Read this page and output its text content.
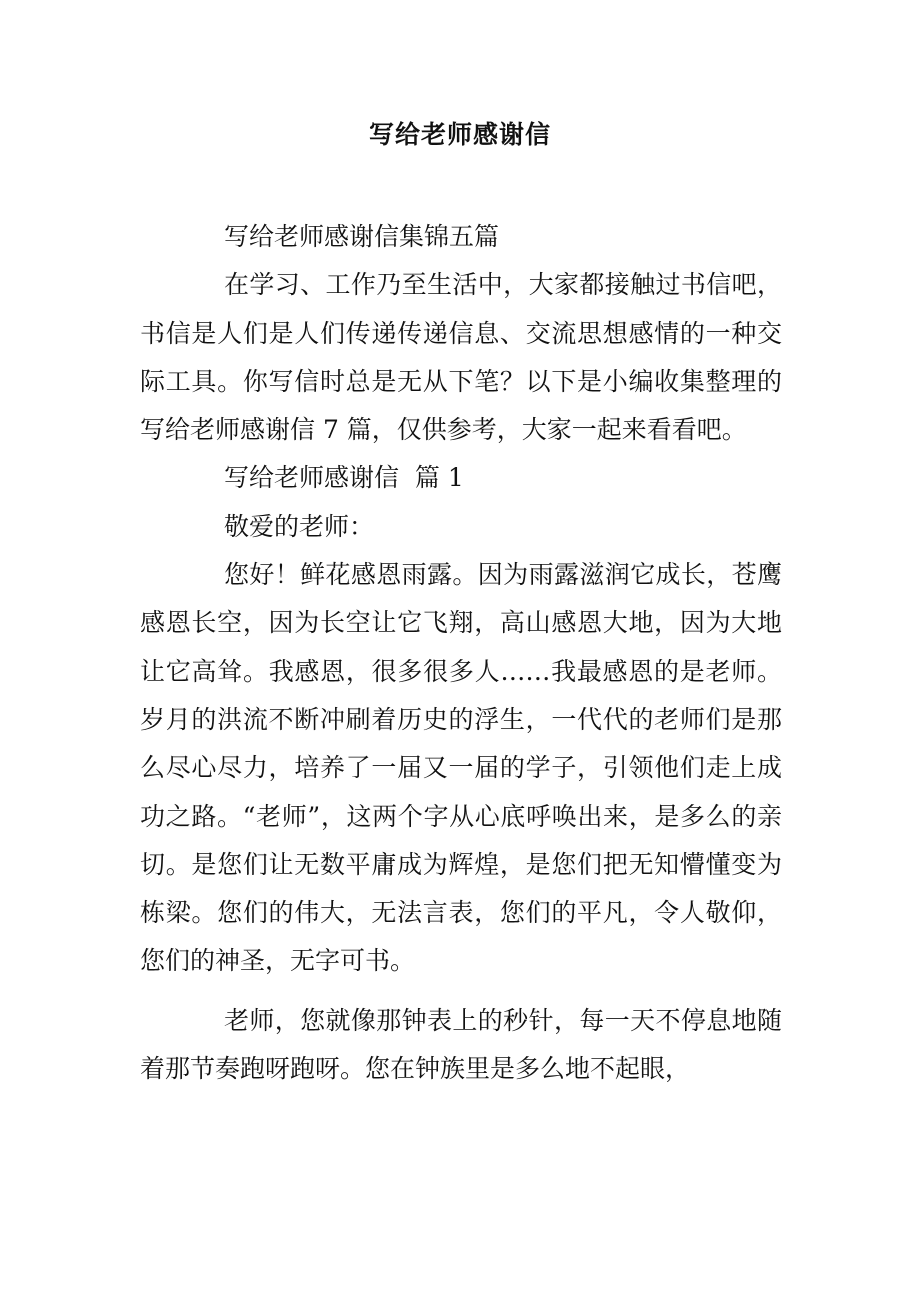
写给老师感谢信

写给老师感谢信集锦五篇

在学习、工作乃至生活中，大家都接触过书信吧，书信是人们是人们传递传递信息、交流思想感情的一种交际工具。你写信时总是无从下笔？以下是小编收集整理的写给老师感谢信 7 篇，仅供参考，大家一起来看看吧。

写给老师感谢信  篇 1

敬爱的老师：

您好！鲜花感恩雨露。因为雨露滋润它成长，苍鹰感恩长空，因为长空让它飞翔，高山感恩大地，因为大地让它高耸。我感恩，很多很多人……我最感恩的是老师。岁月的洪流不断冲刷着历史的浮生，一代代的老师们是那么尽心尽力，培养了一届又一届的学子，引领他们走上成功之路。“老师”，这两个字从心底呼唤出来，是多么的亲切。是您们让无数平庸成为辉煌，是您们把无知懵懂变为栋梁。您们的伟大，无法言表，您们的平凡，令人敬仰，您们的神圣，无字可书。

老师，您就像那钟表上的秒针，每一天不停息地随着那节奏跑呀跑呀。您在钟族里是多么地不起眼，
